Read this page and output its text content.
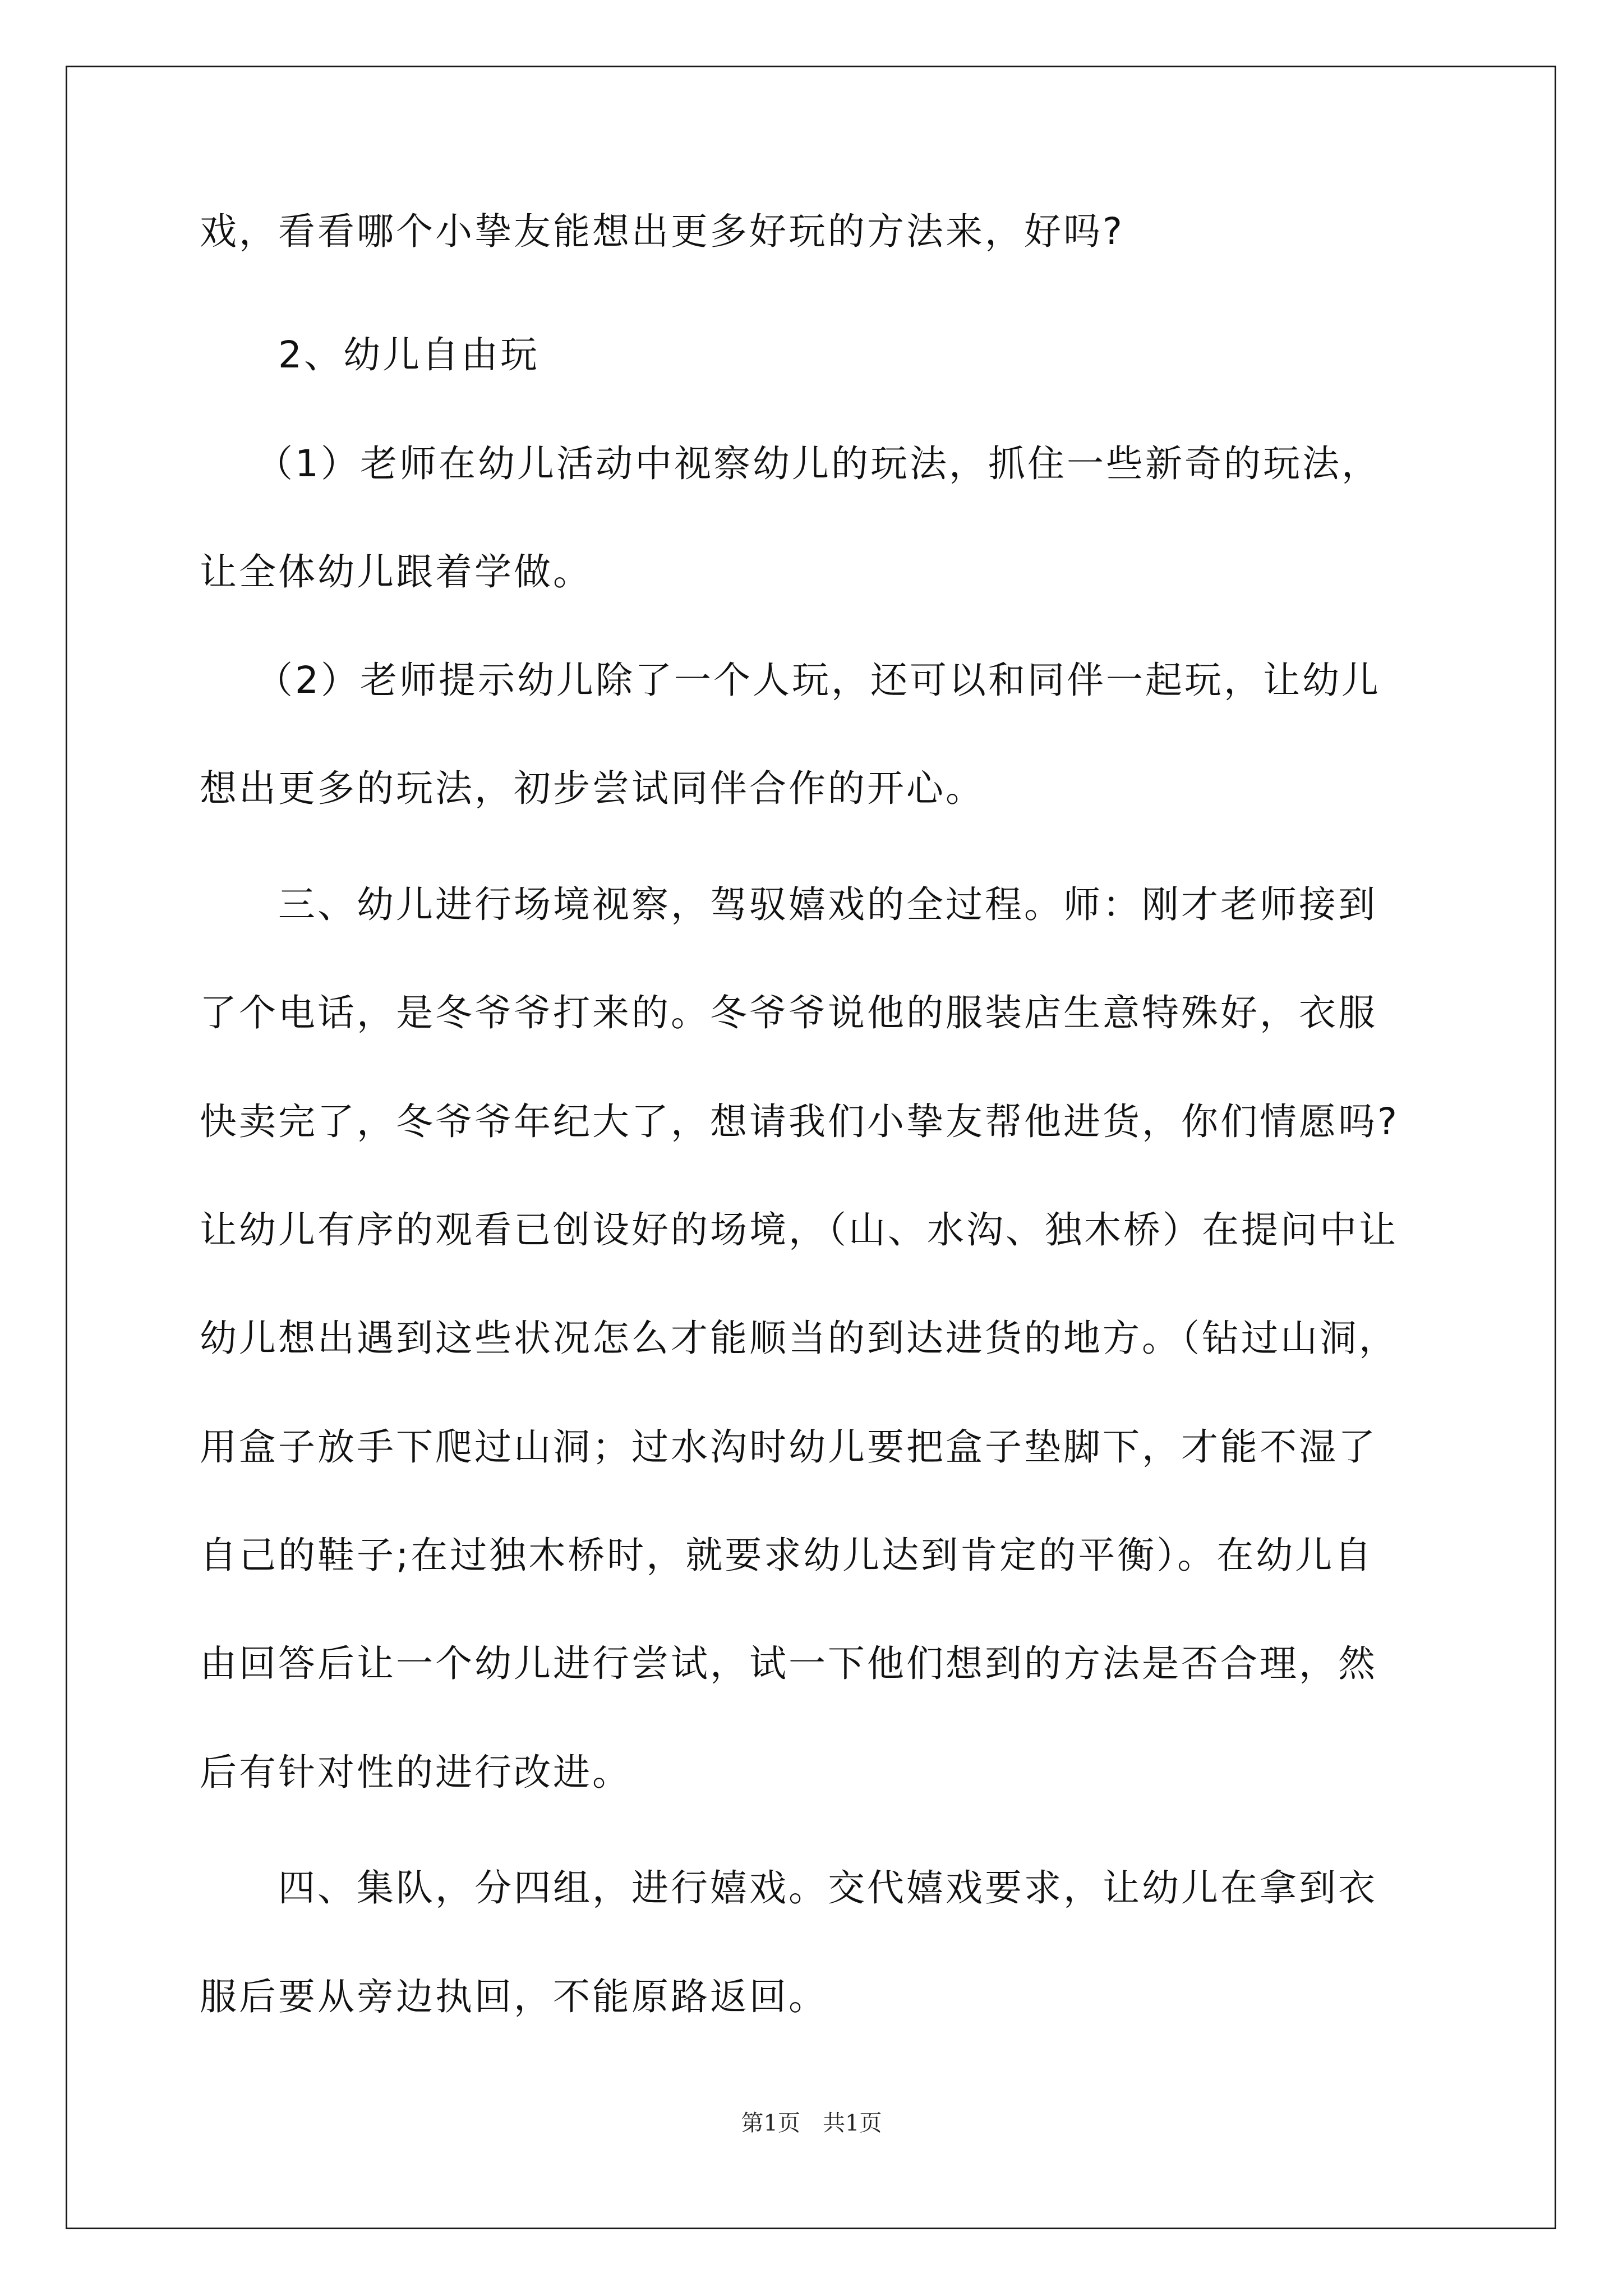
戏，看看哪个小挚友能想出更多好玩的方法来，好吗?
2、幼儿自由玩
（1）老师在幼儿活动中视察幼儿的玩法，抓住一些新奇的玩法，
让全体幼儿跟着学做。
（2）老师提示幼儿除了一个人玩，还可以和同伴一起玩，让幼儿
想出更多的玩法，初步尝试同伴合作的开心。
三、幼儿进行场境视察，驾驭嬉戏的全过程。师：刚才老师接到
了个电话，是冬爷爷打来的。冬爷爷说他的服装店生意特殊好，衣服
快卖完了，冬爷爷年纪大了，想请我们小挚友帮他进货，你们情愿吗?
让幼儿有序的观看已创设好的场境，（山、水沟、独木桥）在提问中让
幼儿想出遇到这些状况怎么才能顺当的到达进货的地方。（钻过山洞，
用盒子放手下爬过山洞；过水沟时幼儿要把盒子垫脚下，才能不湿了
自己的鞋子;在过独木桥时，就要求幼儿达到肯定的平衡）。在幼儿自
由回答后让一个幼儿进行尝试，试一下他们想到的方法是否合理，然
后有针对性的进行改进。
四、集队，分四组，进行嬉戏。交代嬉戏要求，让幼儿在拿到衣
服后要从旁边执回，不能原路返回。
第1页　共1页
